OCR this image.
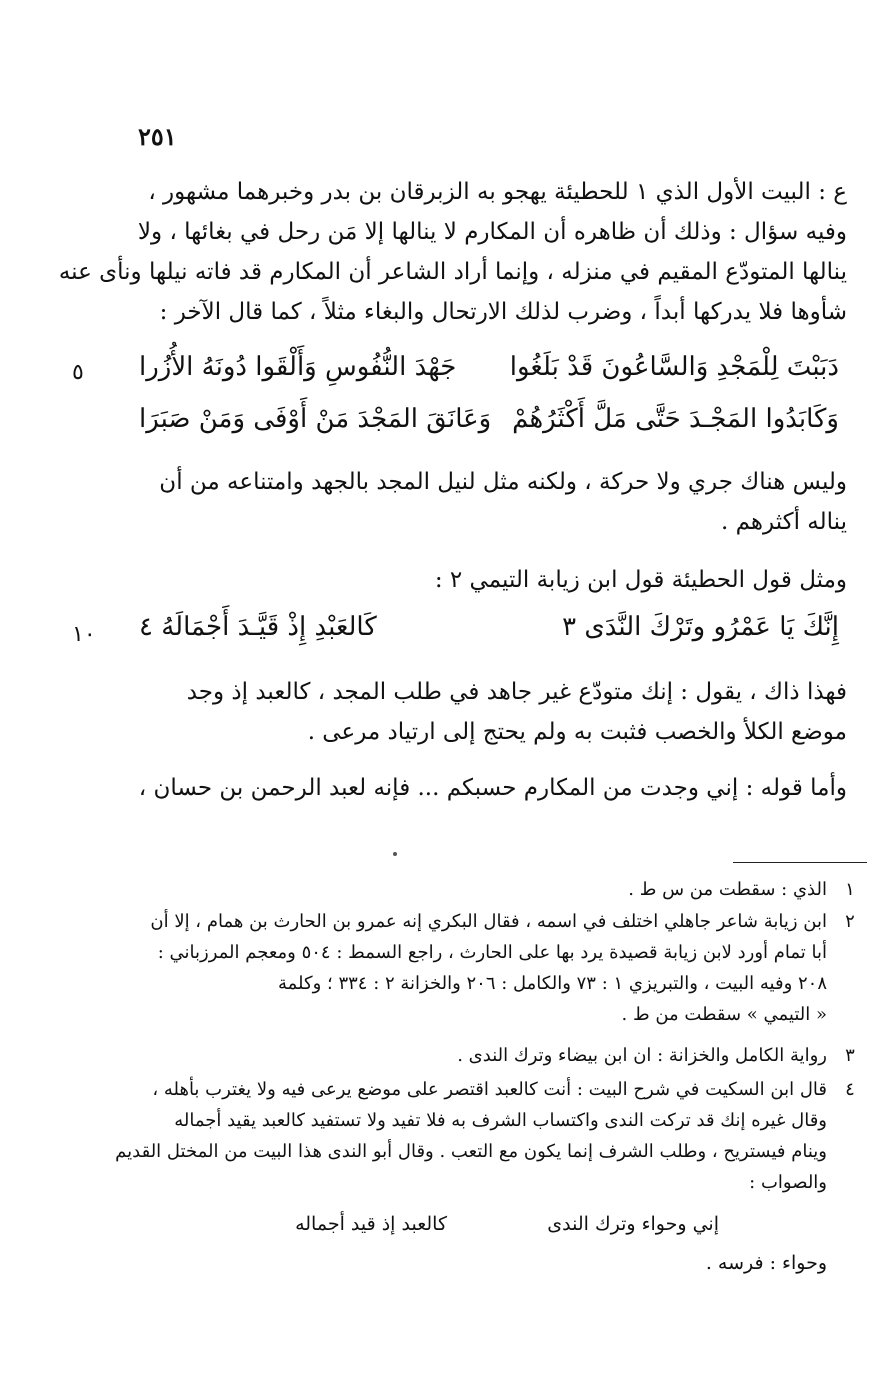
٢٥١
ع : البيت الأول الذي ١ للحطيئة يهجو به الزبرقان بن بدر وخبرهما مشهور ،
وفيه سؤال : وذلك أن ظاهره أن المكارم لا ينالها إلا مَن رحل في بغائها ، ولا
ينالها المتودّع المقيم في منزله ، وإنما أراد الشاعر أن المكارم قد فاته نيلها ونأى عنه
شأوها فلا يدركها أبداً ، وضرب لذلك الارتحال والبغاء مثلاً ، كما قال الآخر :
دَبَبْتَ لِلْمَجْدِ وَالسَّاعُونَ قَدْ بَلَغُوا
جَهْدَ النُّفُوسِ وَأَلْقَوا دُونَهُ الأُزُرا
٥
وَكَابَدُوا المَجْـدَ حَتَّى مَلَّ أَكْثَرُهُمْ
وَعَانَقَ المَجْدَ مَنْ أَوْفَى وَمَنْ صَبَرَا
وليس هناك جري ولا حركة ، ولكنه مثل لنيل المجد بالجهد وامتناعه من أن
يناله أكثرهم .
ومثل قول الحطيئة قول ابن زيابة التيمي ٢ :
إِنَّكَ يَا عَمْرُو وتَرْكَ النَّدَى ٣
كَالعَبْدِ إِذْ قَيَّـدَ أَجْمَالَهُ ٤
١٠
فهذا ذاك ، يقول : إنك متودّع غير جاهد في طلب المجد ، كالعبد إذ وجد
موضع الكلأ والخصب فثبت به ولم يحتج إلى ارتياد مرعى .
وأما قوله : إني وجدت من المكارم حسبكم ... فإنه لعبد الرحمن بن حسان ،
١
الذي : سقطت من س ط .
٢
ابن زيابة شاعر جاهلي اختلف في اسمه ، فقال البكري إنه عمرو بن الحارث بن همام ، إلا أن
أبا تمام أورد لابن زيابة قصيدة يرد بها على الحارث ، راجع السمط : ٥٠٤ ومعجم المرزباني :
٢٠٨ وفيه البيت ، والتبريزي ١ : ٧٣ والكامل : ٢٠٦ والخزانة ٢ : ٣٣٤ ؛ وكلمة
« التيمي » سقطت من ط .
٣
رواية الكامل والخزانة : ان ابن بيضاء وترك الندى .
٤
قال ابن السكيت في شرح البيت : أنت كالعبد اقتصر على موضع يرعى فيه ولا يغترب بأهله ،
وقال غيره إنك قد تركت الندى واكتساب الشرف به فلا تفيد ولا تستفيد كالعبد يقيد أجماله
وينام فيستريح ، وطلب الشرف إنما يكون مع التعب . وقال أبو الندى هذا البيت من المختل القديم
والصواب :
إني وحواء وترك الندى
كالعبد إذ قيد أجماله
وحواء : فرسه .
